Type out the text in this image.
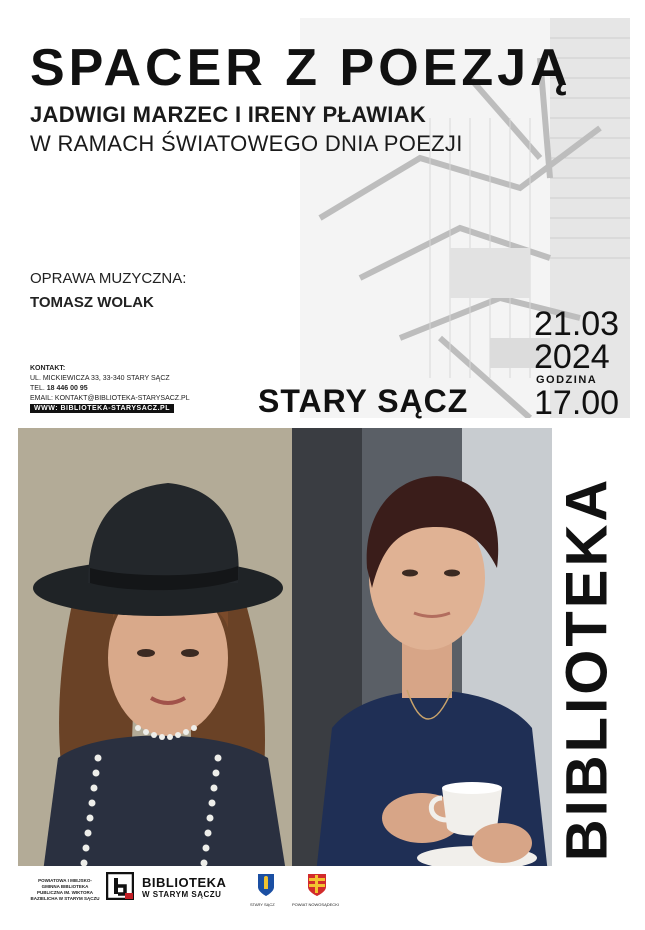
SPACER Z POEZJĄ
JADWIGI MARZEC I IRENY PŁAWIAK
W RAMACH ŚWIATOWEGO DNIA POEZJI
OPRAWA MUZYCZNA:
TOMASZ WOLAK
KONTAKT:
UL. MICKIEWICZA 33, 33-340 STARY SĄCZ
TEL. 18 446 00 95
EMAIL: KONTAKT@BIBLIOTEKA-STARYSACZ.PL
WWW: BIBLIOTEKA-STARYSACZ.PL	STARY SĄCZ
21.03
2024
GODZINA
17.00
BIBLIOTEKA
POWIATOWA I MIEJSKO-GMINNA BIBLIOTEKA PUBLICZNA IM. WIKTORA BAZIELICHA W STARYM SĄCZU
BIBLIOTEKA
W STARYM SĄCZU
STARY SĄCZ	POWIAT NOWOSĄDECKI
